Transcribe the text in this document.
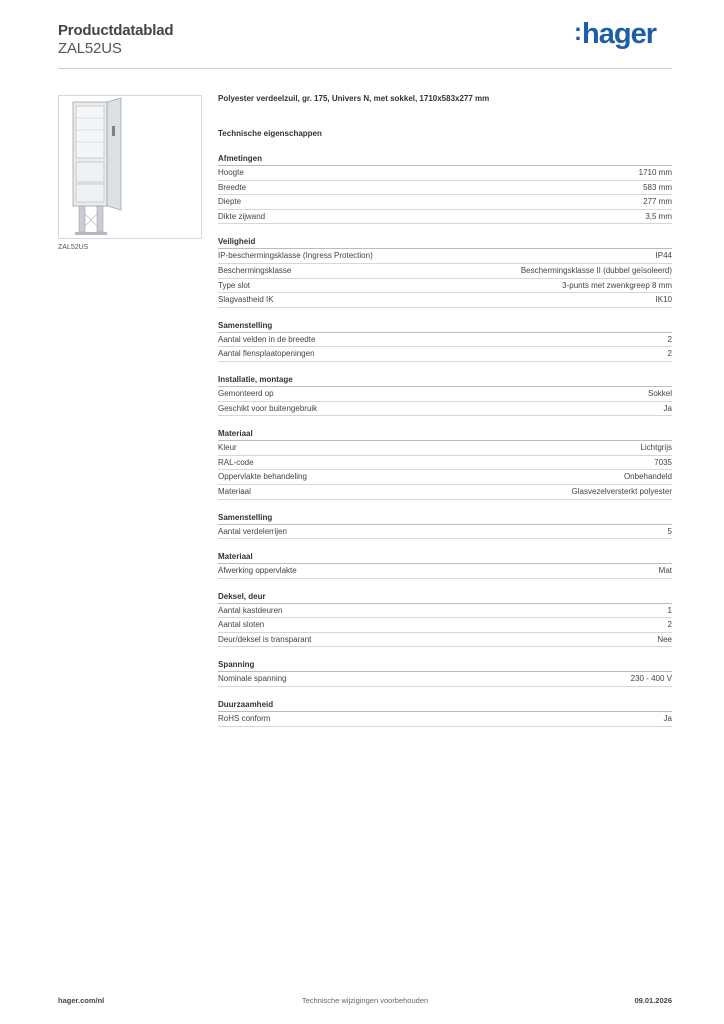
Productdatablad
ZAL52US
:hager
ZAL52US
Polyester verdeelzuil, gr. 175, Univers N, met sokkel, 1710x583x277 mm
Technische eigenschappen
Afmetingen
Hoogte	1710 mm
Breedte	583 mm
Diepte	277 mm
Dikte zijwand	3,5 mm
Veiligheid
IP-beschermingsklasse (Ingress Protection)	IP44
Beschermingsklasse	Beschermingsklasse II (dubbel geïsoleerd)
Type slot	3-punts met zwenkgreep 8 mm
Slagvastheid IK	IK10
Samenstelling
Aantal velden in de breedte	2
Aantal flensplaatopeningen	2
Installatie, montage
Gemonteerd op	Sokkel
Geschikt voor buitengebruik	Ja
Materiaal
Kleur	Lichtgrijs
RAL-code	7035
Oppervlakte behandeling	Onbehandeld
Materiaal	Glasvezelversterkt polyester
Samenstelling
Aantal verdelerrijen	5
Materiaal
Afwerking oppervlakte	Mat
Deksel, deur
Aantal kastdeuren	1
Aantal sloten	2
Deur/deksel is transparant	Nee
Spanning
Nominale spanning	230 - 400 V
Duurzaamheid
RoHS conform	Ja
hager.com/nl	Technische wijzigingen voorbehouden	09.01.2026
